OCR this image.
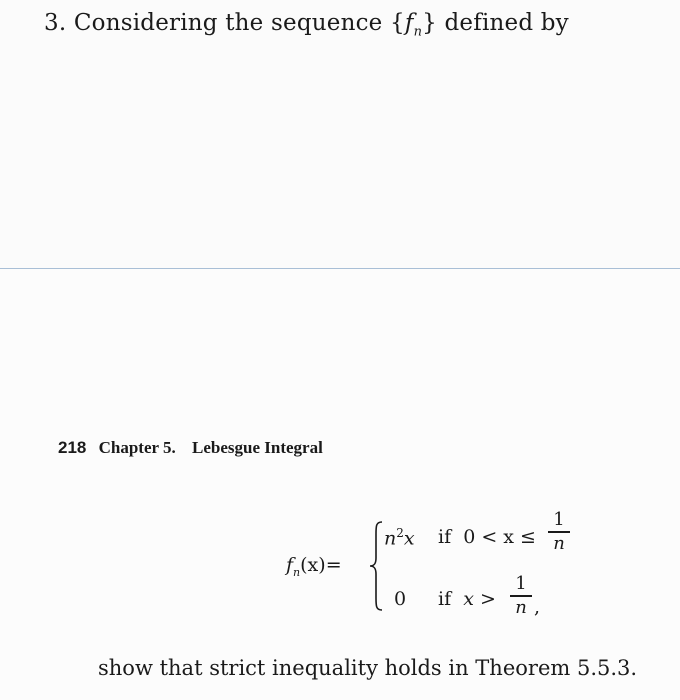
3. Considering the sequence $\{f_n\}$ defined by
218 Chapter 5. Lebesgue Integral
$f_n(x)=$
$n^2x$ if 0 < x ≤
1
n
0 if x >
1
n ,
show that strict inequality holds in Theorem 5.5.3.
